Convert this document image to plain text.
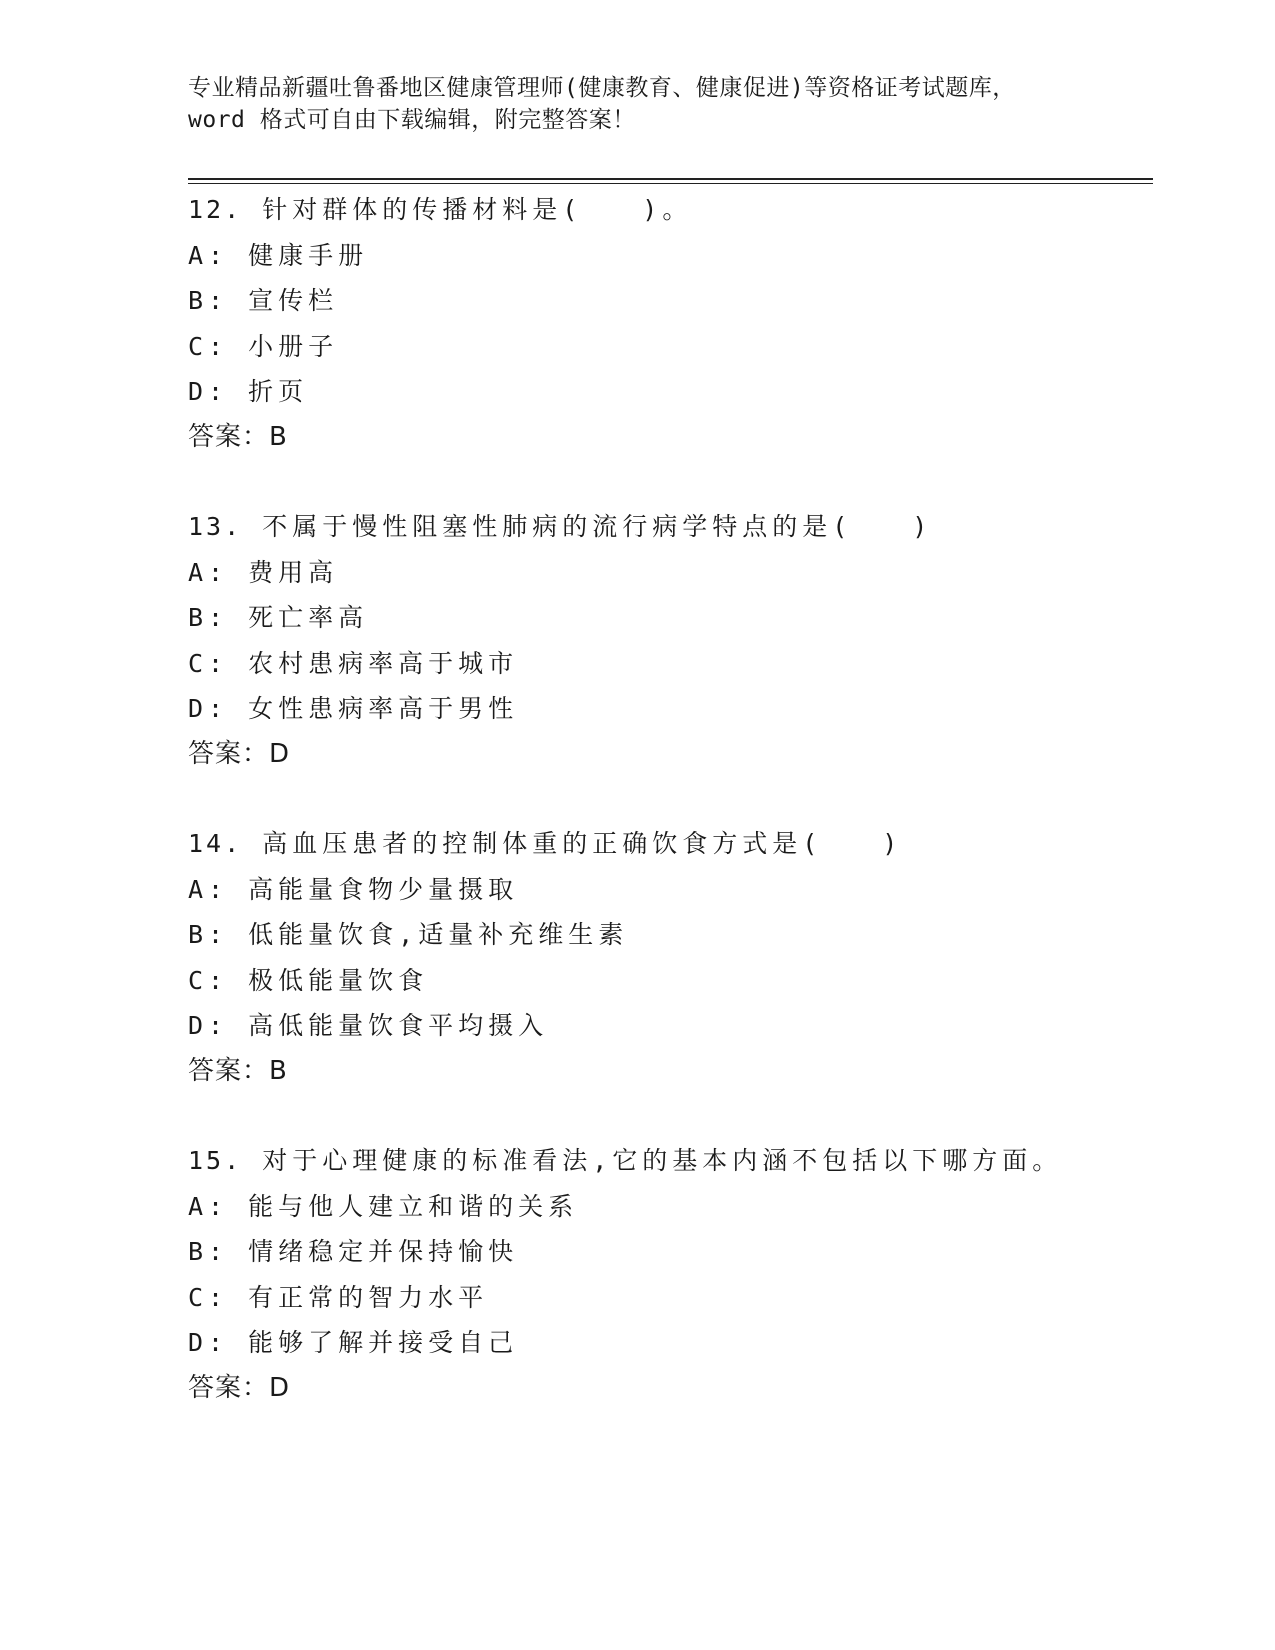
专业精品新疆吐鲁番地区健康管理师(健康教育、健康促进)等资格证考试题库，
word 格式可自由下载编辑，附完整答案！
12. 针对群体的传播材料是(　　)。
A: 健康手册
B: 宣传栏
C: 小册子
D: 折页
答案：B
13. 不属于慢性阻塞性肺病的流行病学特点的是(　　)
A: 费用高
B: 死亡率高
C: 农村患病率高于城市
D: 女性患病率高于男性
答案：D
14. 高血压患者的控制体重的正确饮食方式是(　　)
A: 高能量食物少量摄取
B: 低能量饮食,适量补充维生素
C: 极低能量饮食
D: 高低能量饮食平均摄入
答案：B
15. 对于心理健康的标准看法,它的基本内涵不包括以下哪方面。
A: 能与他人建立和谐的关系
B: 情绪稳定并保持愉快
C: 有正常的智力水平
D: 能够了解并接受自己
答案：D
